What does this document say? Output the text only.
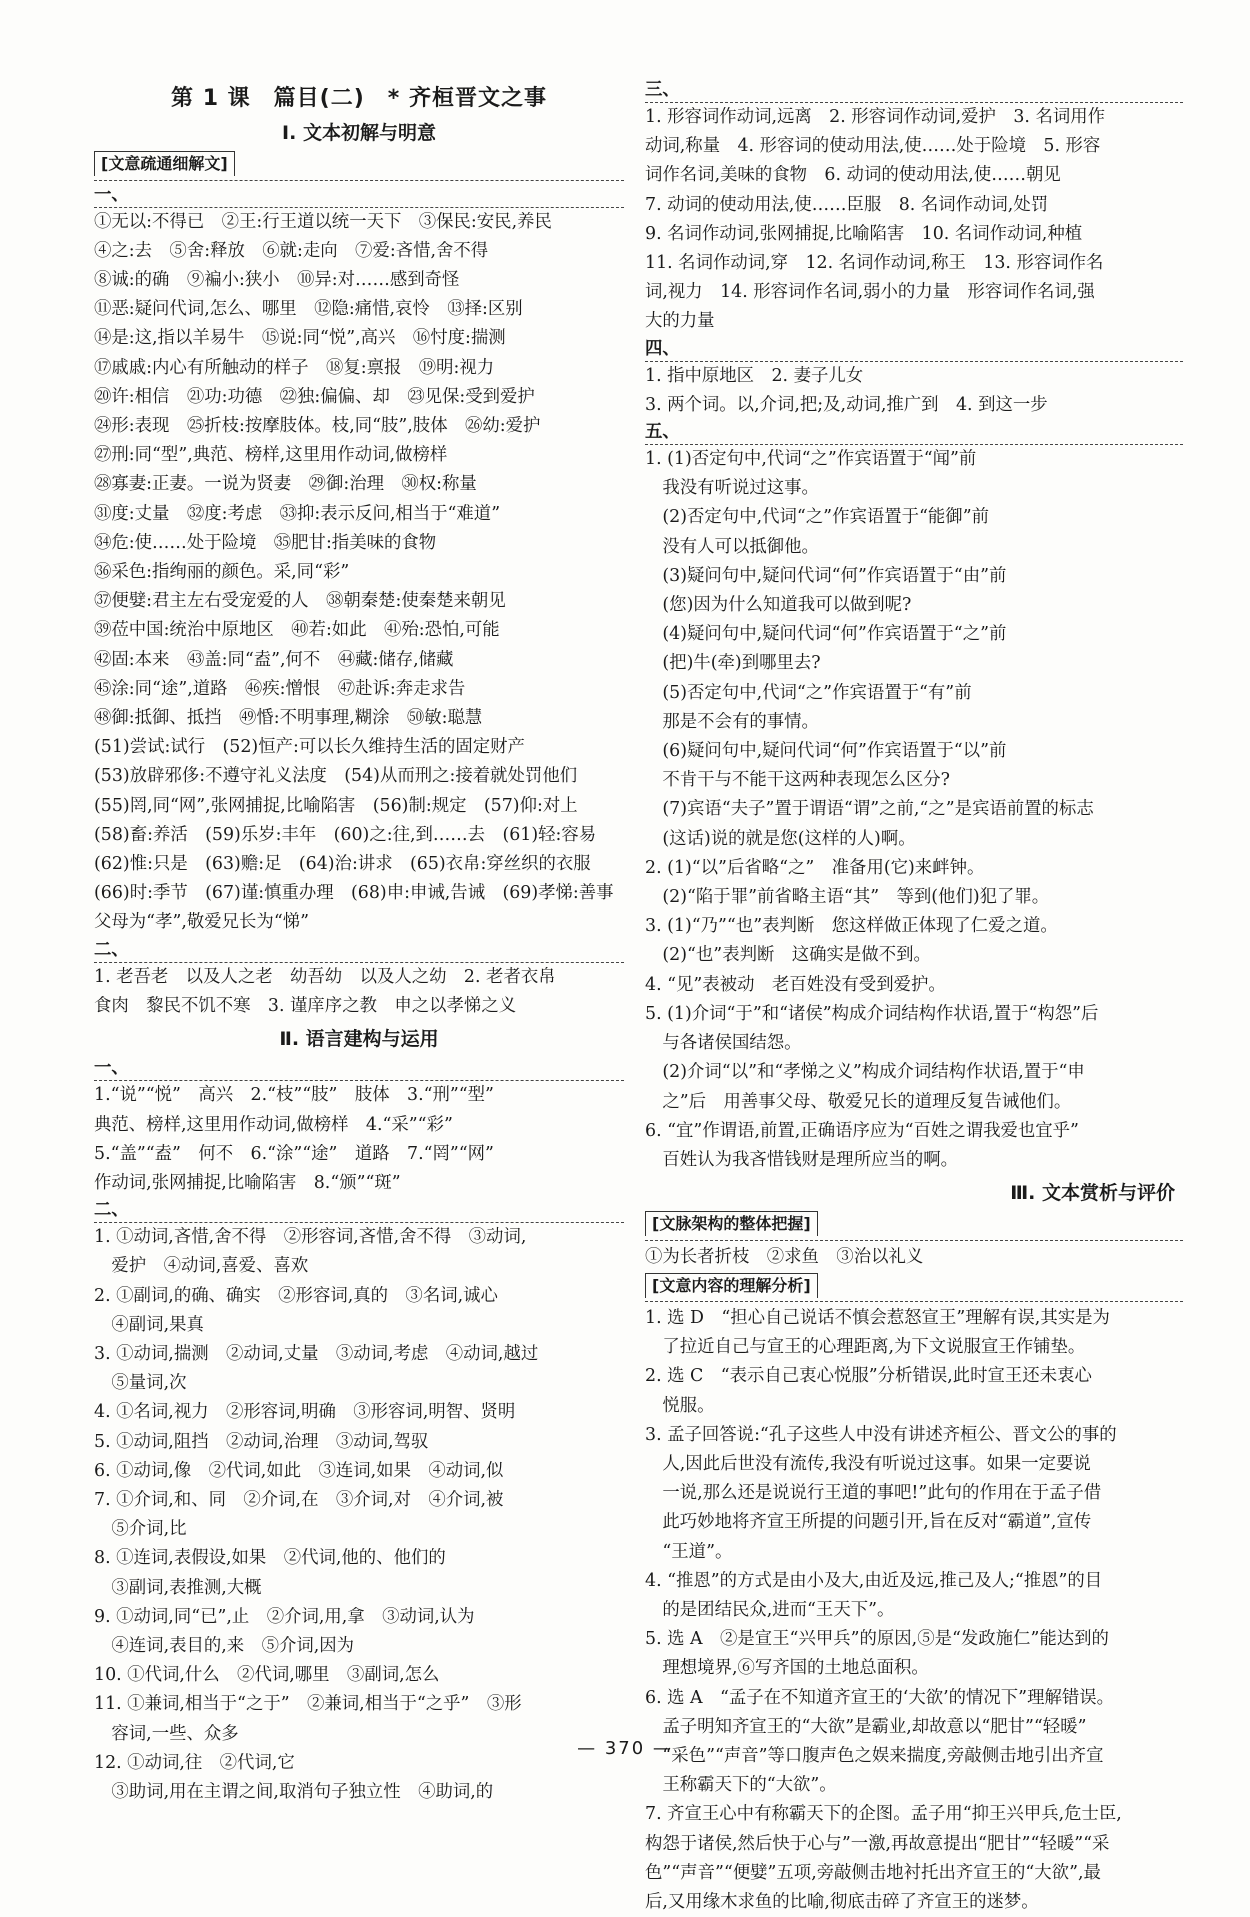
第 1 课　篇目(二)　* 齐桓晋文之事
Ⅰ. 文本初解与明意
[文意疏通细解文]
一、
①无以:不得已　②王:行王道以统一天下　③保民:安民,养民
④之:去　⑤舍:释放　⑥就:走向　⑦爱:吝惜,舍不得
⑧诚:的确　⑨褊小:狭小　⑩异:对……感到奇怪
⑪恶:疑问代词,怎么、哪里　⑫隐:痛惜,哀怜　⑬择:区别
⑭是:这,指以羊易牛　⑮说:同“悦”,高兴　⑯忖度:揣测
⑰戚戚:内心有所触动的样子　⑱复:禀报　⑲明:视力
⑳许:相信　㉑功:功德　㉒独:偏偏、却　㉓见保:受到爱护
㉔形:表现　㉕折枝:按摩肢体。枝,同“肢”,肢体　㉖幼:爱护
㉗刑:同“型”,典范、榜样,这里用作动词,做榜样
㉘寡妻:正妻。一说为贤妻　㉙御:治理　㉚权:称量
㉛度:丈量　㉜度:考虑　㉝抑:表示反问,相当于“难道”
㉞危:使……处于险境　㉟肥甘:指美味的食物
㊱采色:指绚丽的颜色。采,同“彩”
㊲便嬖:君主左右受宠爱的人　㊳朝秦楚:使秦楚来朝见
㊴莅中国:统治中原地区　㊵若:如此　㊶殆:恐怕,可能
㊷固:本来　㊸盖:同“盍”,何不　㊹藏:储存,储藏
㊺涂:同“途”,道路　㊻疾:憎恨　㊼赴诉:奔走求告
㊽御:抵御、抵挡　㊾惛:不明事理,糊涂　㊿敏:聪慧
(51)尝试:试行　(52)恒产:可以长久维持生活的固定财产
(53)放辟邪侈:不遵守礼义法度　(54)从而刑之:接着就处罚他们
(55)罔,同“网”,张网捕捉,比喻陷害　(56)制:规定　(57)仰:对上
(58)畜:养活　(59)乐岁:丰年　(60)之:往,到……去　(61)轻:容易
(62)惟:只是　(63)赡:足　(64)治:讲求　(65)衣帛:穿丝织的衣服
(66)时:季节　(67)谨:慎重办理　(68)申:申诫,告诫　(69)孝悌:善事
父母为“孝”,敬爱兄长为“悌”
二、
1. 老吾老　以及人之老　幼吾幼　以及人之幼　2. 老者衣帛
食肉　黎民不饥不寒　3. 谨庠序之教　申之以孝悌之义
Ⅱ. 语言建构与运用
一、
1.“说”“悦”　高兴　2.“枝”“肢”　肢体　3.“刑”“型”
典范、榜样,这里用作动词,做榜样　4.“采”“彩”
5.“盖”“盍”　何不　6.“涂”“途”　道路　7.“罔”“网”
作动词,张网捕捉,比喻陷害　8.“颁”“斑”
二、
1. ①动词,吝惜,舍不得　②形容词,吝惜,舍不得　③动词,
　爱护　④动词,喜爱、喜欢
2. ①副词,的确、确实　②形容词,真的　③名词,诚心
　④副词,果真
3. ①动词,揣测　②动词,丈量　③动词,考虑　④动词,越过
　⑤量词,次
4. ①名词,视力　②形容词,明确　③形容词,明智、贤明
5. ①动词,阻挡　②动词,治理　③动词,驾驭
6. ①动词,像　②代词,如此　③连词,如果　④动词,似
7. ①介词,和、同　②介词,在　③介词,对　④介词,被
　⑤介词,比
8. ①连词,表假设,如果　②代词,他的、他们的
　③副词,表推测,大概
9. ①动词,同“已”,止　②介词,用,拿　③动词,认为
　④连词,表目的,来　⑤介词,因为
10. ①代词,什么　②代词,哪里　③副词,怎么
11. ①兼词,相当于“之于”　②兼词,相当于“之乎”　③形
　容词,一些、众多
12. ①动词,往　②代词,它
　③助词,用在主谓之间,取消句子独立性　④助词,的
三、
1. 形容词作动词,远离　2. 形容词作动词,爱护　3. 名词用作
动词,称量　4. 形容词的使动用法,使……处于险境　5. 形容
词作名词,美味的食物　6. 动词的使动用法,使……朝见
7. 动词的使动用法,使……臣服　8. 名词作动词,处罚
9. 名词作动词,张网捕捉,比喻陷害　10. 名词作动词,种植
11. 名词作动词,穿　12. 名词作动词,称王　13. 形容词作名
词,视力　14. 形容词作名词,弱小的力量　形容词作名词,强
大的力量
四、
1. 指中原地区　2. 妻子儿女
3. 两个词。以,介词,把;及,动词,推广到　4. 到这一步
五、
1. (1)否定句中,代词“之”作宾语置于“闻”前
　我没有听说过这事。
　(2)否定句中,代词“之”作宾语置于“能御”前
　没有人可以抵御他。
　(3)疑问句中,疑问代词“何”作宾语置于“由”前
　(您)因为什么知道我可以做到呢?
　(4)疑问句中,疑问代词“何”作宾语置于“之”前
　(把)牛(牵)到哪里去?
　(5)否定句中,代词“之”作宾语置于“有”前
　那是不会有的事情。
　(6)疑问句中,疑问代词“何”作宾语置于“以”前
　不肯干与不能干这两种表现怎么区分?
　(7)宾语“夫子”置于谓语“谓”之前,“之”是宾语前置的标志
　(这话)说的就是您(这样的人)啊。
2. (1)“以”后省略“之”　准备用(它)来衅钟。
　(2)“陷于罪”前省略主语“其”　等到(他们)犯了罪。
3. (1)“乃”“也”表判断　您这样做正体现了仁爱之道。
　(2)“也”表判断　这确实是做不到。
4. “见”表被动　老百姓没有受到爱护。
5. (1)介词“于”和“诸侯”构成介词结构作状语,置于“构怨”后
　与各诸侯国结怨。
　(2)介词“以”和“孝悌之义”构成介词结构作状语,置于“申
　之”后　用善事父母、敬爱兄长的道理反复告诫他们。
6. “宜”作谓语,前置,正确语序应为“百姓之谓我爱也宜乎”
　百姓认为我吝惜钱财是理所应当的啊。
Ⅲ. 文本赏析与评价
[文脉架构的整体把握]
①为长者折枝　②求鱼　③治以礼义
[文意内容的理解分析]
1. 选 D　“担心自己说话不慎会惹怒宣王”理解有误,其实是为
　了拉近自己与宣王的心理距离,为下文说服宣王作铺垫。
2. 选 C　“表示自己衷心悦服”分析错误,此时宣王还未衷心
　悦服。
3. 孟子回答说:“孔子这些人中没有讲述齐桓公、晋文公的事的
　人,因此后世没有流传,我没有听说过这事。如果一定要说
　一说,那么还是说说行王道的事吧!”此句的作用在于孟子借
　此巧妙地将齐宣王所提的问题引开,旨在反对“霸道”,宣传
　“王道”。
4. “推恩”的方式是由小及大,由近及远,推己及人;“推恩”的目
　的是团结民众,进而“王天下”。
5. 选 A　②是宣王“兴甲兵”的原因,⑤是“发政施仁”能达到的
　理想境界,⑥写齐国的土地总面积。
6. 选 A　“孟子在不知道齐宣王的‘大欲’的情况下”理解错误。
　孟子明知齐宣王的“大欲”是霸业,却故意以“肥甘”“轻暖”
　“采色”“声音”等口腹声色之娱来揣度,旁敲侧击地引出齐宣
　王称霸天下的“大欲”。
7. 齐宣王心中有称霸天下的企图。孟子用“抑王兴甲兵,危士臣,
构怨于诸侯,然后快于心与”一激,再故意提出“肥甘”“轻暖”“采
色”“声音”“便嬖”五项,旁敲侧击地衬托出齐宣王的“大欲”,最
后,又用缘木求鱼的比喻,彻底击碎了齐宣王的迷梦。
— 370 —
